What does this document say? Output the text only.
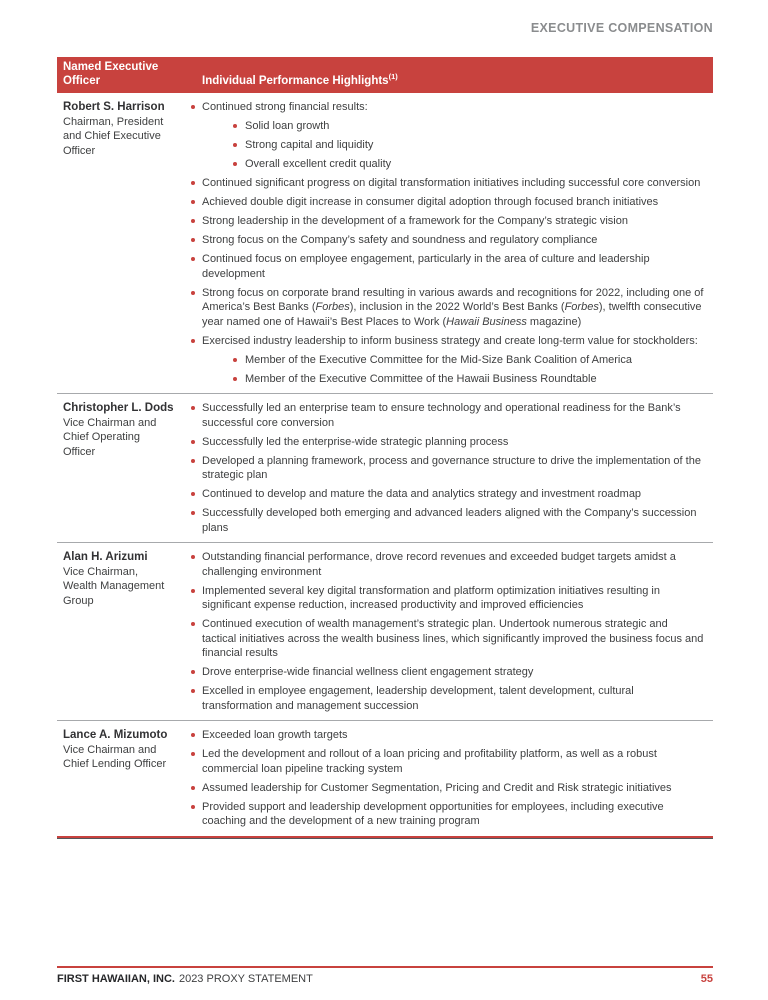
EXECUTIVE COMPENSATION
Named Executive Officer	Individual Performance Highlights$^{(1)}$
Robert S. Harrison
Chairman, President and Chief Executive Officer
Continued strong financial results:
Solid loan growth
Strong capital and liquidity
Overall excellent credit quality
Continued significant progress on digital transformation initiatives including successful core conversion
Achieved double digit increase in consumer digital adoption through focused branch initiatives
Strong leadership in the development of a framework for the Company’s strategic vision
Strong focus on the Company’s safety and soundness and regulatory compliance
Continued focus on employee engagement, particularly in the area of culture and leadership development
Strong focus on corporate brand resulting in various awards and recognitions for 2022, including one of America’s Best Banks (Forbes), inclusion in the 2022 World’s Best Banks (Forbes), twelfth consecutive year named one of Hawaii’s Best Places to Work (Hawaii Business magazine)
Exercised industry leadership to inform business strategy and create long-term value for stockholders:
Member of the Executive Committee for the Mid-Size Bank Coalition of America
Member of the Executive Committee of the Hawaii Business Roundtable
Christopher L. Dods
Vice Chairman and Chief Operating Officer
Successfully led an enterprise team to ensure technology and operational readiness for the Bank’s successful core conversion
Successfully led the enterprise-wide strategic planning process
Developed a planning framework, process and governance structure to drive the implementation of the strategic plan
Continued to develop and mature the data and analytics strategy and investment roadmap
Successfully developed both emerging and advanced leaders aligned with the Company’s succession plans
Alan H. Arizumi
Vice Chairman, Wealth Management Group
Outstanding financial performance, drove record revenues and exceeded budget targets amidst a challenging environment
Implemented several key digital transformation and platform optimization initiatives resulting in significant expense reduction, increased productivity and improved efficiencies
Continued execution of wealth management’s strategic plan. Undertook numerous strategic and tactical initiatives across the wealth business lines, which significantly improved the business focus and financial results
Drove enterprise-wide financial wellness client engagement strategy
Excelled in employee engagement, leadership development, talent development, cultural transformation and management succession
Lance A. Mizumoto
Vice Chairman and Chief Lending Officer
Exceeded loan growth targets
Led the development and rollout of a loan pricing and profitability platform, as well as a robust commercial loan pipeline tracking system
Assumed leadership for Customer Segmentation, Pricing and Credit and Risk strategic initiatives
Provided support and leadership development opportunities for employees, including executive coaching and the development of a new training program
FIRST HAWAIIAN, INC. 2023 PROXY STATEMENT	55
